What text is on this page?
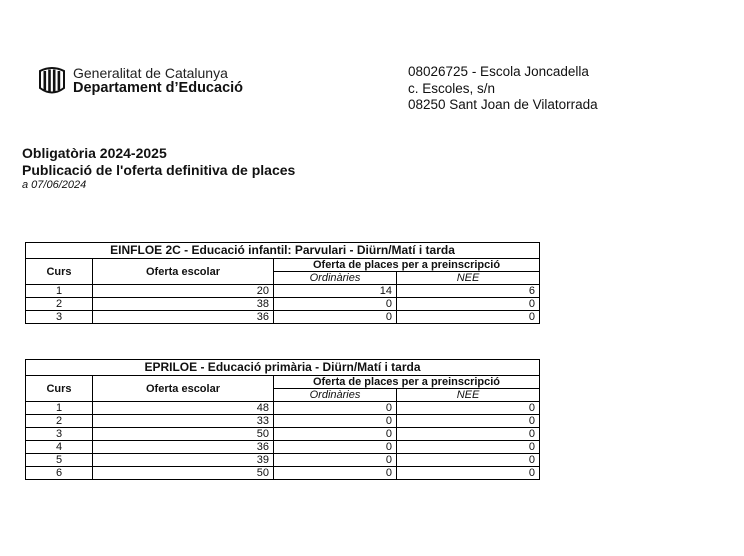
Generalitat de Catalunya
Departament d’Educació
08026725 - Escola Joncadella
c. Escoles, s/n
08250 Sant Joan de Vilatorrada
Obligatòria 2024-2025
Publicació de l'oferta definitiva de places
a 07/06/2024
EINFLOE 2C - Educació infantil: Parvulari - Diürn/Matí i tarda			
Curs	Oferta escolar	Oferta de places per a preinscripció	
		Ordinàries	NEE
1	20	14	6
2	38	0	0
3	36	0	0
EPRILOE - Educació primària - Diürn/Matí i tarda			
Curs	Oferta escolar	Oferta de places per a preinscripció	
		Ordinàries	NEE
1	48	0	0
2	33	0	0
3	50	0	0
4	36	0	0
5	39	0	0
6	50	0	0
